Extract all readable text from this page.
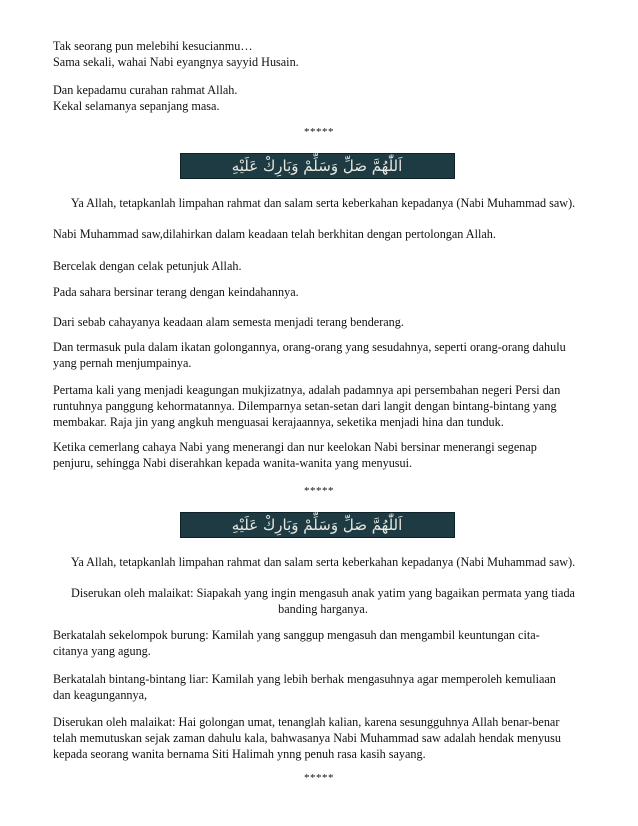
Tak seorang pun melebihi kesucianmu…
Sama sekali, wahai Nabi eyangnya sayyid Husain.
Dan kepadamu curahan rahmat Allah.
Kekal selamanya sepanjang masa.
*****
اَللّٰهُمَّ صَلِّ وَسَلِّمْ وَبَارِكْ عَلَيْهِ
Ya Allah, tetapkanlah limpahan rahmat dan salam serta keberkahan kepadanya (Nabi Muhammad saw).
Nabi Muhammad saw,dilahirkan dalam keadaan telah berkhitan dengan pertolongan Allah.
Bercelak dengan celak petunjuk Allah.
Pada sahara bersinar terang dengan keindahannya.
Dari sebab cahayanya keadaan alam semesta menjadi terang benderang.
Dan termasuk pula dalam ikatan golongannya, orang-orang yang sesudahnya, seperti orang-orang dahulu
yang pernah menjumpainya.
Pertama kali yang menjadi keagungan mukjizatnya, adalah padamnya api persembahan negeri Persi dan
runtuhnya panggung kehormatannya. Dilemparnya setan-setan dari langit dengan bintang-bintang yang
membakar. Raja jin yang angkuh menguasai kerajaannya, seketika menjadi hina dan tunduk.
Ketika cemerlang cahaya Nabi yang menerangi dan nur keelokan Nabi bersinar menerangi segenap
penjuru, sehingga Nabi diserahkan kepada wanita-wanita yang menyusui.
*****
اَللّٰهُمَّ صَلِّ وَسَلِّمْ وَبَارِكْ عَلَيْهِ
Ya Allah, tetapkanlah limpahan rahmat dan salam serta keberkahan kepadanya (Nabi Muhammad saw).
Diserukan oleh malaikat: Siapakah yang ingin mengasuh anak yatim yang bagaikan permata yang tiada
banding harganya.
Berkatalah sekelompok burung: Kamilah yang sanggup mengasuh dan mengambil keuntungan cita-
citanya yang agung.
Berkatalah bintang-bintang liar: Kamilah yang lebih berhak mengasuhnya agar memperoleh kemuliaan
dan keagungannya,
Diserukan oleh malaikat: Hai golongan umat, tenanglah kalian, karena sesungguhnya Allah benar-benar
telah memutuskan sejak zaman dahulu kala, bahwasanya Nabi Muhammad saw adalah hendak menyusu
kepada seorang wanita bernama Siti Halimah ynng penuh rasa kasih sayang.
*****
